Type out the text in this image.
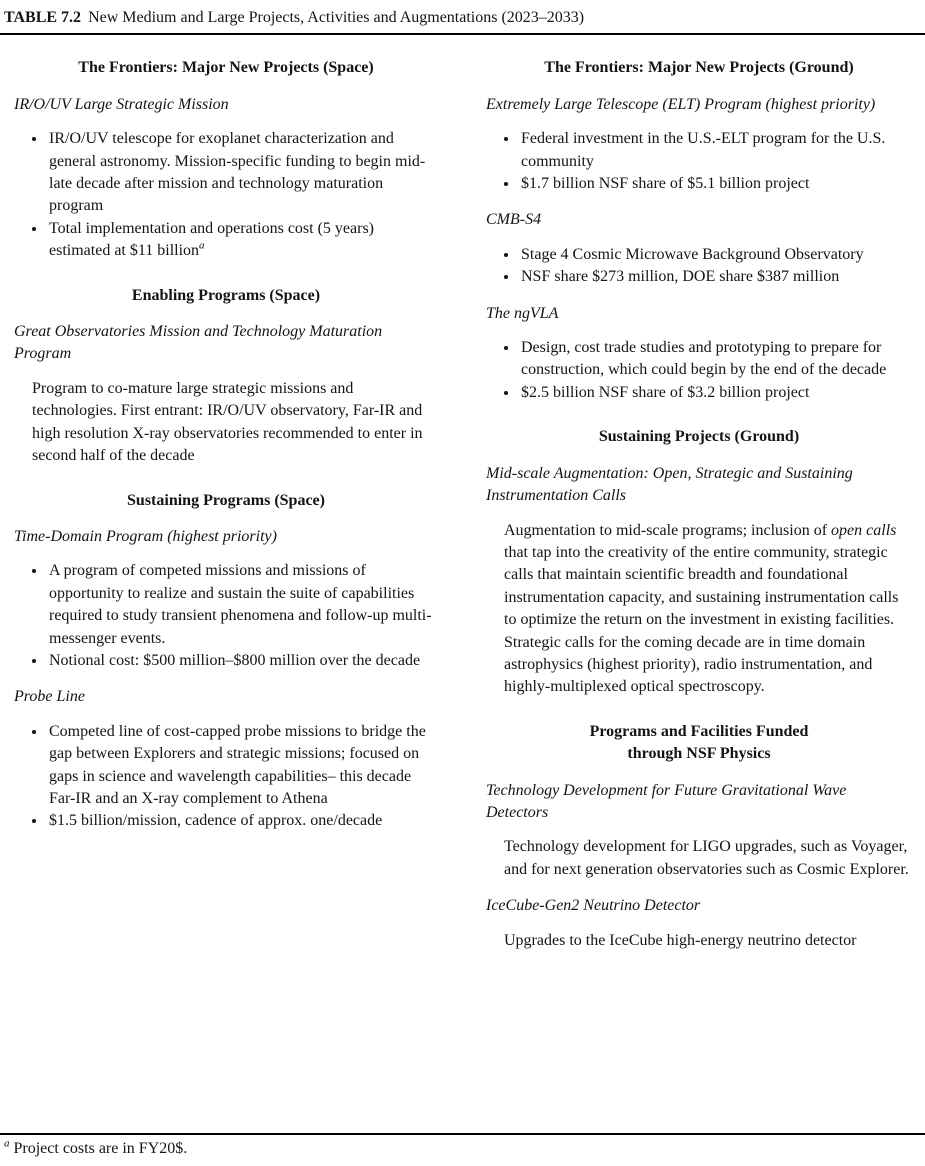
TABLE 7.2 New Medium and Large Projects, Activities and Augmentations (2023–2033)
The Frontiers: Major New Projects (Space)
IR/O/UV Large Strategic Mission
• IR/O/UV telescope for exoplanet characterization and general astronomy. Mission-specific funding to begin mid-late decade after mission and technology maturation program
• Total implementation and operations cost (5 years) estimated at $11 billion$^a$
Enabling Programs (Space)
Great Observatories Mission and Technology Maturation Program

Program to co-mature large strategic missions and technologies. First entrant: IR/O/UV observatory, Far-IR and high resolution X-ray observatories recommended to enter in second half of the decade

Sustaining Programs (Space)
Time-Domain Program (highest priority)
• A program of competed missions and missions of opportunity to realize and sustain the suite of capabilities required to study transient phenomena and follow-up multi-messenger events.
• Notional cost: $500 million–$800 million over the decade
Probe Line
• Competed line of cost-capped probe missions to bridge the gap between Explorers and strategic missions; focused on gaps in science and wavelength capabilities– this decade Far-IR and an X-ray complement to Athena
• $1.5 billion/mission, cadence of approx. one/decade
The Frontiers: Major New Projects (Ground)
Extremely Large Telescope (ELT) Program (highest priority)
• Federal investment in the U.S.-ELT program for the U.S. community
• $1.7 billion NSF share of $5.1 billion project
CMB-S4
• Stage 4 Cosmic Microwave Background Observatory
• NSF share $273 million, DOE share $387 million
The ngVLA
• Design, cost trade studies and prototyping to prepare for construction, which could begin by the end of the decade
• $2.5 billion NSF share of $3.2 billion project
Sustaining Projects (Ground)
Mid-scale Augmentation: Open, Strategic and Sustaining Instrumentation Calls

Augmentation to mid-scale programs; inclusion of open calls that tap into the creativity of the entire community, strategic calls that maintain scientific breadth and foundational instrumentation capacity, and sustaining instrumentation calls to optimize the return on the investment in existing facilities. Strategic calls for the coming decade are in time domain astrophysics (highest priority), radio instrumentation, and highly-multiplexed optical spectroscopy.

Programs and Facilities Funded
through NSF Physics
Technology Development for Future Gravitational Wave Detectors

Technology development for LIGO upgrades, such as Voyager, and for next generation observatories such as Cosmic Explorer.

IceCube-Gen2 Neutrino Detector

Upgrades to the IceCube high-energy neutrino detector

$^a$ Project costs are in FY20$.
